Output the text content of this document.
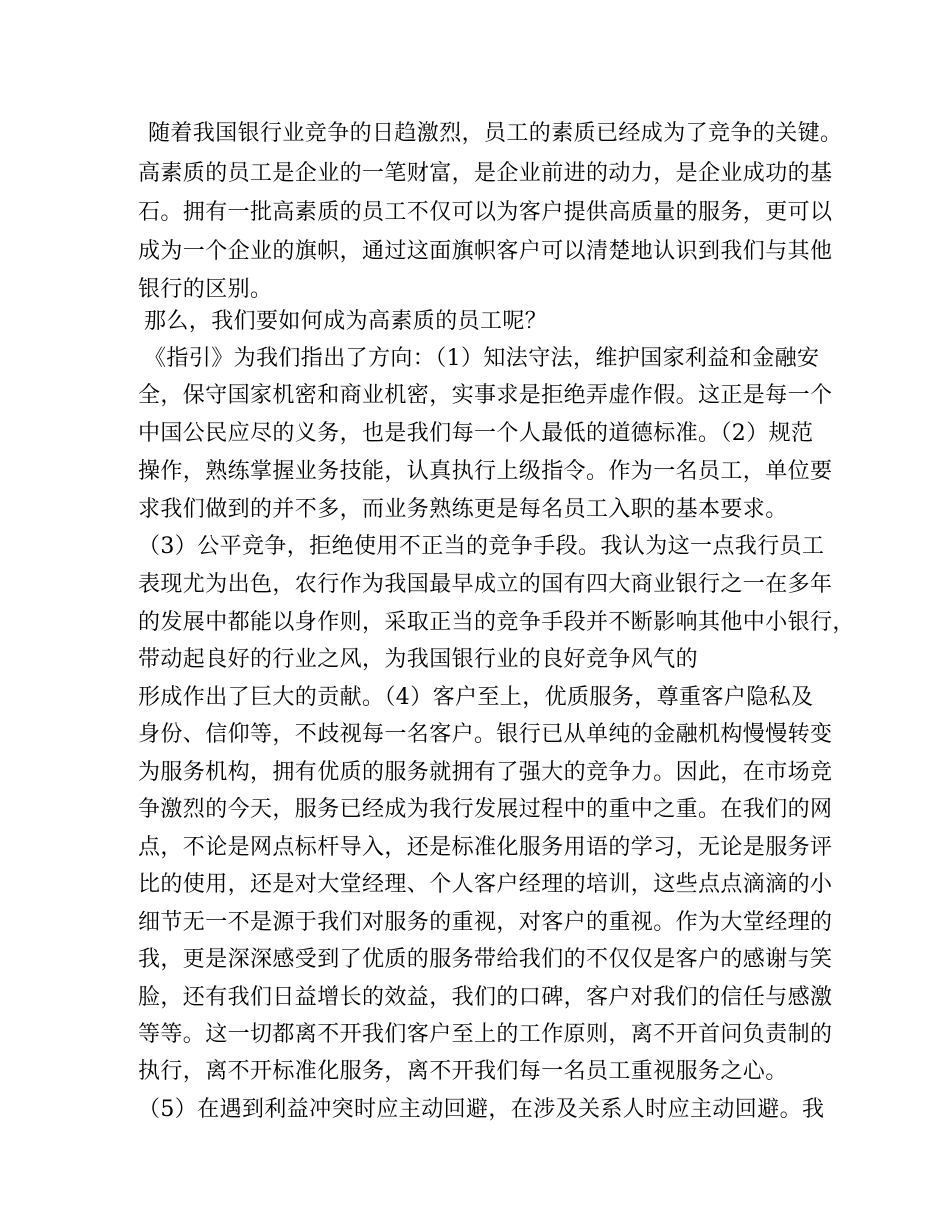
随着我国银行业竞争的日趋激烈，员工的素质已经成为了竞争的关键。
高素质的员工是企业的一笔财富，是企业前进的动力，是企业成功的基
石。拥有一批高素质的员工不仅可以为客户提供高质量的服务，更可以
成为一个企业的旗帜，通过这面旗帜客户可以清楚地认识到我们与其他
银行的区别。
那么，我们要如何成为高素质的员工呢？
《指引》为我们指出了方向：（1）知法守法，维护国家利益和金融安
全，保守国家机密和商业机密，实事求是拒绝弄虚作假。这正是每一个
中国公民应尽的义务，也是我们每一个人最低的道德标准。（2）规范
操作，熟练掌握业务技能，认真执行上级指令。作为一名员工，单位要
求我们做到的并不多，而业务熟练更是每名员工入职的基本要求。
（3）公平竞争，拒绝使用不正当的竞争手段。我认为这一点我行员工
表现尤为出色，农行作为我国最早成立的国有四大商业银行之一在多年
的发展中都能以身作则，采取正当的竞争手段并不断影响其他中小银行，
带动起良好的行业之风，为我国银行业的良好竞争风气的
形成作出了巨大的贡献。（4）客户至上，优质服务，尊重客户隐私及
身份、信仰等，不歧视每一名客户。银行已从单纯的金融机构慢慢转变
为服务机构，拥有优质的服务就拥有了强大的竞争力。因此，在市场竞
争激烈的今天，服务已经成为我行发展过程中的重中之重。在我们的网
点，不论是网点标杆导入，还是标准化服务用语的学习，无论是服务评
比的使用，还是对大堂经理、个人客户经理的培训，这些点点滴滴的小
细节无一不是源于我们对服务的重视，对客户的重视。作为大堂经理的
我，更是深深感受到了优质的服务带给我们的不仅仅是客户的感谢与笑
脸，还有我们日益增长的效益，我们的口碑，客户对我们的信任与感激
等等。这一切都离不开我们客户至上的工作原则，离不开首问负责制的
执行，离不开标准化服务，离不开我们每一名员工重视服务之心。
（5）在遇到利益冲突时应主动回避，在涉及关系人时应主动回避。我
